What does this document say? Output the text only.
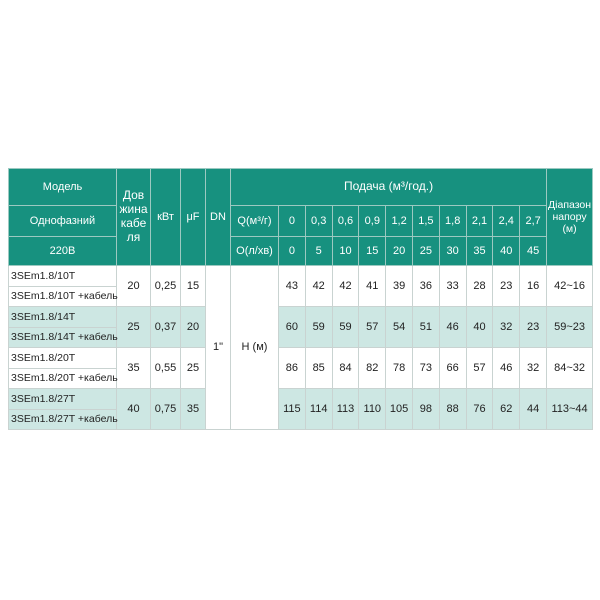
Модель	Дов жина кабе ля	кВт	μF	DN	Подача (м³/год.)											Діапазон напору (м)
Однофазний					Q(м³/г)	0	0,3	0,6	0,9	1,2	1,5	1,8	2,1	2,4	2,7	
220В					О(л/хв)	0	5	10	15	20	25	30	35	40	45	
3SEm1.8/10T	20	0,25	15	1"	Н (м)	43	42	42	41	39	36	33	28	23	16	42~16
3SEm1.8/10T +кабель																
3SEm1.8/14T	25	0,37	20			60	59	59	57	54	51	46	40	32	23	59~23
3SEm1.8/14T +кабель																
3SEm1.8/20T	35	0,55	25			86	85	84	82	78	73	66	57	46	32	84~32
3SEm1.8/20T +кабель																
3SEm1.8/27T	40	0,75	35			115	114	113	110	105	98	88	76	62	44	113~44
3SEm1.8/27T +кабель																
